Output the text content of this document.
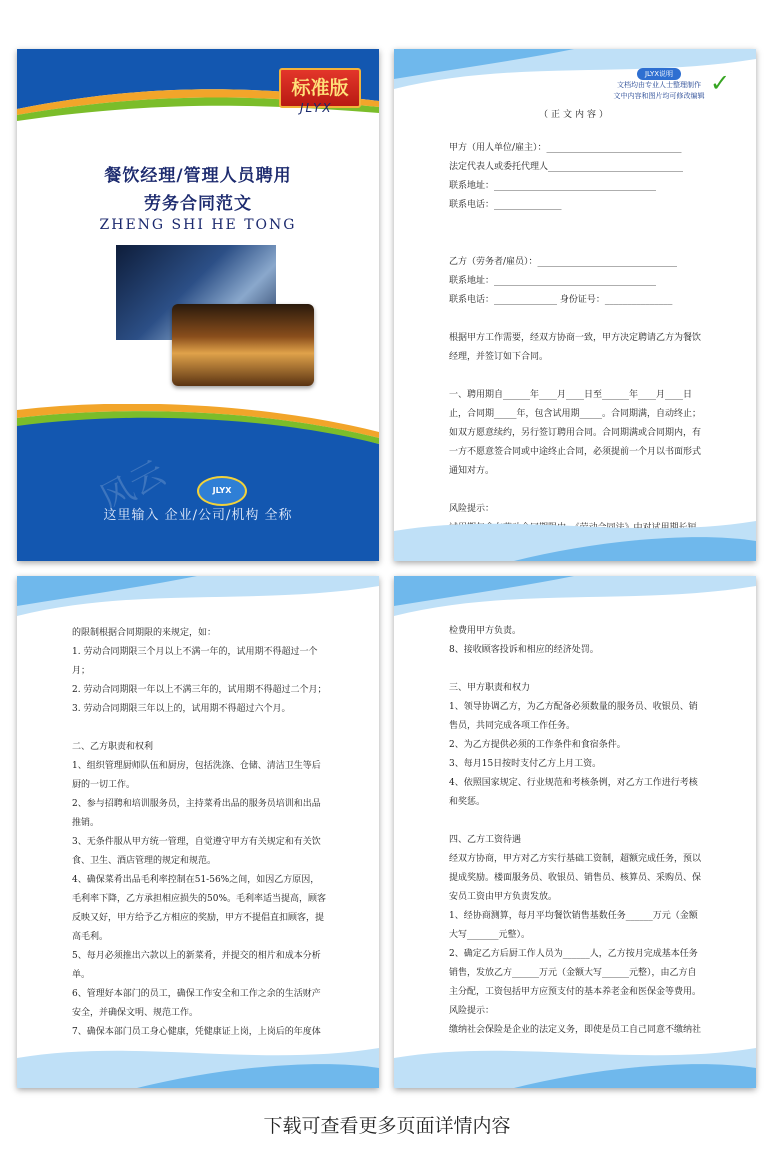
标准版
JLYX
餐饮经理/管理人员聘用
劳务合同范文
ZHENG SHI HE TONG
风云	JLYX
这里输入 企业/公司/机构 全称
JLYX说明
文档均由专业人士整理制作
文中内容和图片均可修改编辑 ✓
（正文内容）

甲方（用人单位/雇主）：______________________________

法定代表人或委托代理人______________________________

联系地址：____________________________________

联系电话：_______________

乙方（劳务者/雇员）：_______________________________

联系地址：____________________________________

联系电话：______________ 身份证号：_______________

根据甲方工作需要，经双方协商一致，甲方决定聘请乙方为餐饮经理，并签订如下合同。

一、聘用期自______年____月____日至______年____月____日止，合同期_____年，包含试用期_____。合同期满，自动终止；如双方愿意续约，另行签订聘用合同。合同期满或合同期内，有一方不愿意签合同或中途终止合同，必须提前一个月以书面形式通知对方。

风险提示：

的限制根据合同期限的来规定，如：

1. 劳动合同期限三个月以上不满一年的，试用期不得超过一个月；

2. 劳动合同期限一年以上不满三年的，试用期不得超过二个月；

3. 劳动合同期限三年以上的，试用期不得超过六个月。

二、乙方职责和权利

1、组织管理厨师队伍和厨房，包括洗涤、仓储、清洁卫生等后厨的一切工作。

2、参与招聘和培训服务员，主持菜肴出品的服务员培训和出品推销。

3、无条件服从甲方统一管理，自觉遵守甲方有关规定和有关饮食、卫生、酒店管理的规定和规范。

4、确保菜肴出品毛利率控制在51-56%之间，如因乙方原因，毛利率下降，乙方承担相应损失的50%。毛利率适当提高，顾客反映又好，甲方给予乙方相应的奖励，甲方不提倡直扣顾客，提高毛利。

5、每月必须推出六款以上的新菜肴，并提交的相片和成本分析单。

6、管理好本部门的员工，确保工作安全和工作之余的生活财产安全，并确保文明、规范工作。

7、确保本部门员工身心健康，凭健康证上岗，上岗后的年度体

检费用甲方负责。

8、接收顾客投诉和相应的经济处罚。

三、甲方职责和权力

1、领导协调乙方，为乙方配备必须数量的服务员、收银员、销售员，共同完成各项工作任务。

2、为乙方提供必须的工作条件和食宿条件。

3、每月15日按时支付乙方上月工资。

4、依照国家规定、行业规范和考核条例，对乙方工作进行考核和奖惩。

四、乙方工资待遇

经双方协商，甲方对乙方实行基础工资制，超额完成任务，预以提成奖励。楼面服务员、收银员、销售员、核算员、采购员、保安员工资由甲方负责发放。

1、经协商测算，每月平均餐饮销售基数任务______万元（金额大写_______元整）。

2、确定乙方后厨工作人员为______人，乙方按月完成基本任务销售，发放乙方______万元（金额大写______元整），由乙方自主分配，工资包括甲方应预支付的基本养老金和医保金等费用。

风险提示：

缴纳社会保险是企业的法定义务，即使是员工自己同意不缴纳社

下载可查看更多页面详情内容
